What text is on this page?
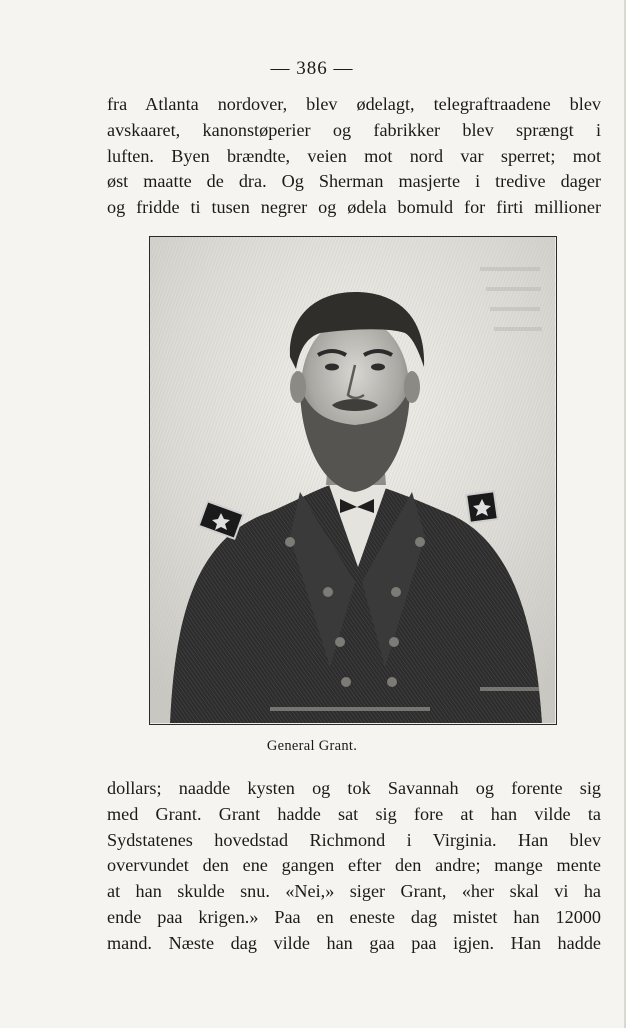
— 386 —
fra Atlanta nordover, blev ødelagt, telegraftraadene blev
avskaaret, kanonstøperier og fabrikker blev sprængt i
luften. Byen brændte, veien mot nord var sperret; mot
øst maatte de dra. Og Sherman masjerte i tredive dager
og fridde ti tusen negrer og ødela bomuld for firti millioner
General Grant.
dollars; naadde kysten og tok Savannah og forente sig
med Grant. Grant hadde sat sig fore at han vilde ta
Sydstatenes hovedstad Richmond i Virginia. Han blev
overvundet den ene gangen efter den andre; mange mente
at han skulde snu. «Nei,» siger Grant, «her skal vi ha
ende paa krigen.» Paa en eneste dag mistet han 12000
mand. Næste dag vilde han gaa paa igjen. Han hadde
